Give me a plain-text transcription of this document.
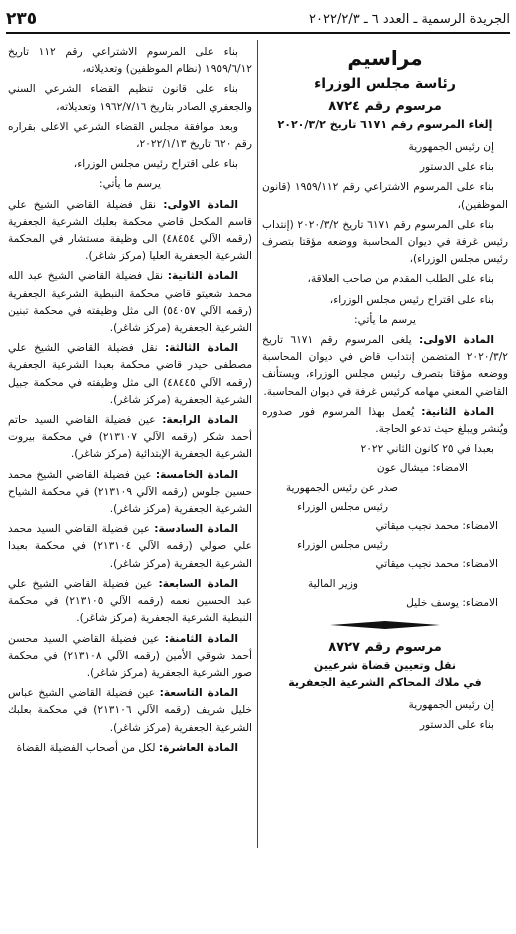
الجريدة الرسمية ـ العدد ٦ ـ ٢٠٢٢/٢/٣
٢٣٥
مراسيم
رئاسة مجلس الوزراء
مرسوم رقم ٨٧٢٤
إلغاء المرسوم رقم ٦١٧١ تاريخ ٢٠٢٠/٣/٢

إن رئيس الجمهورية

بناء على الدستور

بناء على المرسوم الاشتراعي رقم ١٩٥٩/١١٢ (قانون الموظفين)،

بناء على المرسوم رقم ٦١٧١ تاريخ ٢٠٢٠/٣/٢ (إنتداب رئيس غرفة في ديوان المحاسبة ووضعه مؤقتا بتصرف رئيس مجلس الوزراء)،

بناء على الطلب المقدم من صاحب العلاقة،

بناء على اقتراح رئيس مجلس الوزراء،

يرسم ما يأتي:

المادة الاولى: يلغى المرسوم رقم ٦١٧١ تاريخ ٢٠٢٠/٣/٢ المتضمن إنتداب قاض في ديوان المحاسبة ووضعه مؤقتا بتصرف رئيس مجلس الوزراء، ويستأنف القاضي المعني مهامه كرئيس غرفة في ديوان المحاسبة.

المادة الثانية: يُعمل بهذا المرسوم فور صدوره ويُنشر ويبلغ حيث تدعو الحاجة.

بعبدا في ٢٥ كانون الثاني ٢٠٢٢

الامضاء: ميشال عون

صدر عن رئيس الجمهورية

رئيس مجلس الوزراء

الامضاء: محمد نجيب ميقاتي

رئيس مجلس الوزراء

الامضاء: محمد نجيب ميقاتي

وزير المالية

الامضاء: يوسف خليل

مرسوم رقم ٨٧٢٧
نقل وتعيين قضاة شرعيين
في ملاك المحاكم الشرعية الجعفرية

إن رئيس الجمهورية

بناء على الدستور

بناء على المرسوم الاشتراعي رقم ١١٢ تاريخ ١٩٥٩/٦/١٢ (نظام الموظفين) وتعديلاته،

بناء على قانون تنظيم القضاء الشرعي السني والجعفري الصادر بتاريخ ١٩٦٢/٧/١٦ وتعديلاته،

وبعد موافقة مجلس القضاء الشرعي الاعلى بقراره رقم ٦٢٠ تاريخ ٢٠٢٢/١/١٣،

بناء على اقتراح رئيس مجلس الوزراء،

يرسم ما يأتي:

المادة الاولى: نقل فضيلة القاضي الشيخ علي قاسم المكحل قاضي محكمة بعلبك الشرعية الجعفرية (رقمه الآلي ٤٨٤٥٤) الى وظيفة مستشار في المحكمة الشرعية الجعفرية العليا (مركز شاغر).

المادة الثانية: نقل فضيلة القاضي الشيخ عبد الله محمد شعيتو قاضي محكمة النبطية الشرعية الجعفرية (رقمه الآلي ٥٤٠٥٧) الى مثل وظيفته في محكمة تبنين الشرعية الجعفرية (مركز شاغر).

المادة الثالثة: نقل فضيلة القاضي الشيخ علي مصطفى حيدر قاضي محكمة بعبدا الشرعية الجعفرية (رقمه الآلي ٤٨٤٤٥) الى مثل وظيفته في محكمة جبيل الشرعية الجعفرية (مركز شاغر).

المادة الرابعة: عين فضيلة القاضي السيد حاتم أحمد شكر (رقمه الآلي ٢١٣١٠٧) في محكمة بيروت الشرعية الجعفرية الإبتدائية (مركز شاغر).

المادة الخامسة: عين فضيلة القاضي الشيخ محمد حسين جلوس (رقمه الآلي ٢١٣١٠٩) في محكمة الشياح الشرعية الجعفرية (مركز شاغر).

المادة السادسة: عين فضيلة القاضي السيد محمد علي صولي (رقمه الآلي ٢١٣١٠٤) في محكمة بعبدا الشرعية الجعفرية (مركز شاغر).

المادة السابعة: عين فضيلة القاضي الشيخ علي عبد الحسين نعمه (رقمه الآلي ٢١٣١٠٥) في محكمة النبطية الشرعية الجعفرية (مركز شاغر).

المادة الثامنة: عين فضيلة القاضي السيد محسن أحمد شوقي الأمين (رقمه الآلي ٢١٣١٠٨) في محكمة صور الشرعية الجعفرية (مركز شاغر).

المادة التاسعة: عين فضيلة القاضي الشيخ عباس خليل شريف (رقمه الآلي ٢١٣١٠٦) في محكمة بعلبك الشرعية الجعفرية (مركز شاغر).

المادة العاشرة: لكل من أصحاب الفضيلة القضاة
